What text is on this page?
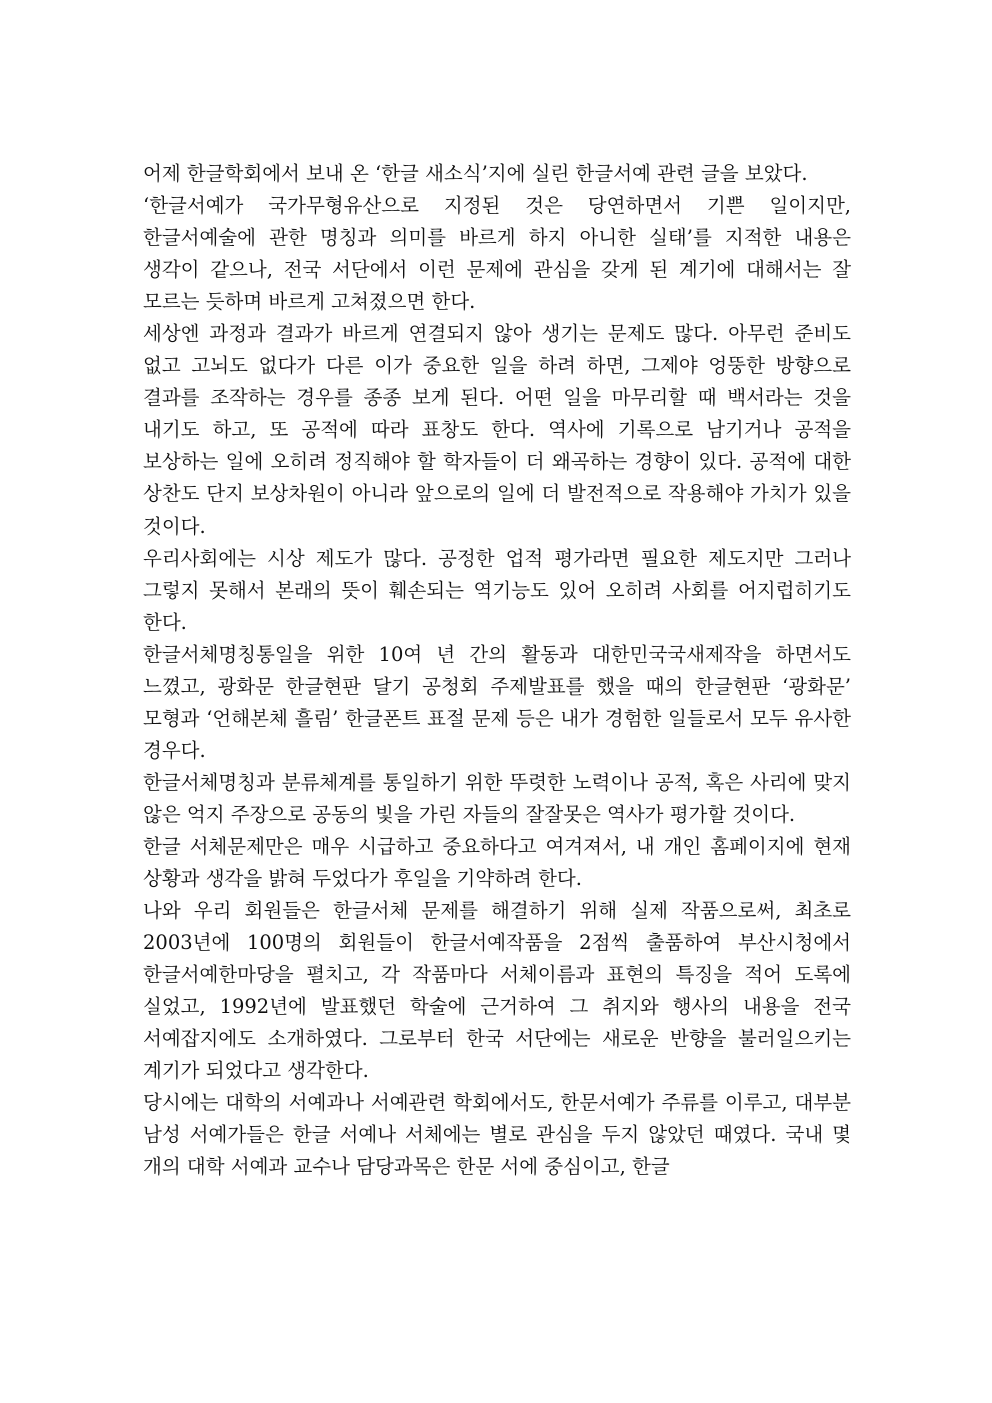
어제 한글학회에서 보내 온 ‘한글 새소식’지에 실린 한글서예 관련 글을 보았다.

‘한글서예가 국가무형유산으로 지정된 것은 당연하면서 기쁜 일이지만, 한글서예술에 관한 명칭과 의미를 바르게 하지 아니한 실태’를 지적한 내용은 생각이 같으나, 전국 서단에서 이런 문제에 관심을 갖게 된 계기에 대해서는 잘 모르는 듯하며 바르게 고쳐졌으면 한다.

세상엔 과정과 결과가 바르게 연결되지 않아 생기는 문제도 많다. 아무런 준비도 없고 고뇌도 없다가 다른 이가 중요한 일을 하려 하면, 그제야 엉뚱한 방향으로 결과를 조작하는 경우를 종종 보게 된다. 어떤 일을 마무리할 때 백서라는 것을 내기도 하고, 또 공적에 따라 표창도 한다. 역사에 기록으로 남기거나 공적을 보상하는 일에 오히려 정직해야 할 학자들이 더 왜곡하는 경향이 있다. 공적에 대한 상찬도 단지 보상차원이 아니라 앞으로의 일에 더 발전적으로 작용해야 가치가 있을 것이다.

우리사회에는 시상 제도가 많다. 공정한 업적 평가라면 필요한 제도지만 그러나 그렇지 못해서 본래의 뜻이 훼손되는 역기능도 있어 오히려 사회를 어지럽히기도 한다.

한글서체명칭통일을 위한 10여 년 간의 활동과 대한민국국새제작을 하면서도 느꼈고, 광화문 한글현판 달기 공청회 주제발표를 했을 때의 한글현판 ‘광화문’ 모형과 ‘언해본체 흘림’ 한글폰트 표절 문제 등은 내가 경험한 일들로서 모두 유사한 경우다.

한글서체명칭과 분류체계를 통일하기 위한 뚜렷한 노력이나 공적, 혹은 사리에 맞지 않은 억지 주장으로 공동의 빛을 가린 자들의 잘잘못은 역사가 평가할 것이다.

한글 서체문제만은 매우 시급하고 중요하다고 여겨져서, 내 개인 홈페이지에 현재 상황과 생각을 밝혀 두었다가 후일을 기약하려 한다.

나와 우리 회원들은 한글서체 문제를 해결하기 위해 실제 작품으로써, 최초로 2003년에 100명의 회원들이 한글서예작품을 2점씩 출품하여 부산시청에서 한글서예한마당을 펼치고, 각 작품마다 서체이름과 표현의 특징을 적어 도록에 실었고, 1992년에 발표했던 학술에 근거하여 그 취지와 행사의 내용을 전국 서예잡지에도 소개하였다. 그로부터 한국 서단에는 새로운 반향을 불러일으키는 계기가 되었다고 생각한다.

당시에는 대학의 서예과나 서예관련 학회에서도, 한문서예가 주류를 이루고, 대부분 남성 서예가들은 한글 서예나 서체에는 별로 관심을 두지 않았던 때였다. 국내 몇 개의 대학 서예과 교수나 담당과목은 한문 서에 중심이고, 한글
